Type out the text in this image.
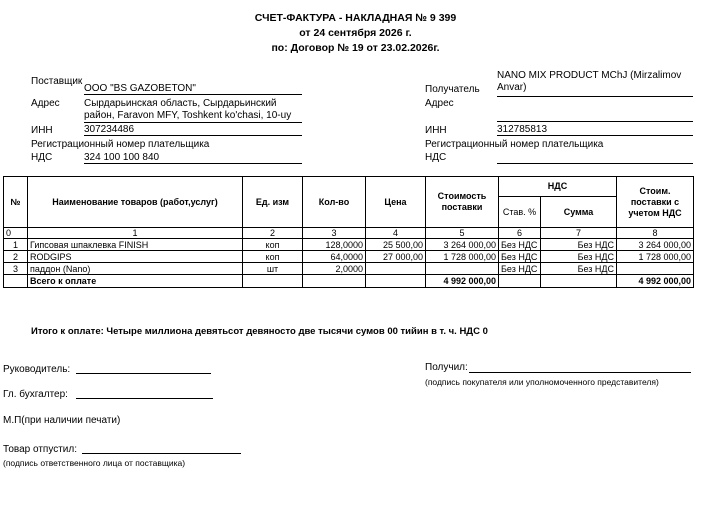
СЧЕТ-ФАКТУРА - НАКЛАДНАЯ № 9 399
от 24 сентября 2026 г.
по: Договор № 19 от 23.02.2026г.
Поставщик
ООО "BS GAZOBETON"
Адрес Сырдарьинская область, Сырдарьинский район, Faravon MFY, Toshkent ko'chasi, 10-uy
ИНН	307234486
Регистрационный номер плательщика
НДС	324 100 100 840
NANO MIX PRODUCT MChJ (Mirzalimov Anvar)
Получатель
Адрес
ИНН	312785813
Регистрационный номер плательщика
НДС
№	Наименование товаров (работ,услуг)	Ед. изм	Кол-во	Цена	Стоимость поставки	НДС		Стоим. поставки с учетом НДС
						Став. %	Сумма	
0	1	2	3	4	5	6	7	8
1	Гипсовая шпаклевка FINISH	коп	128,0000	25 500,00	3 264 000,00	Без НДС	Без НДС	3 264 000,00
2	RODGIPS	коп	64,0000	27 000,00	1 728 000,00	Без НДС	Без НДС	1 728 000,00
3	паддон (Nano)	шт	2,0000			Без НДС	Без НДС	
	Всего к оплате				4 992 000,00			4 992 000,00
Итого к оплате: Четыре миллиона девятьсот девяносто две тысячи сумов 00 тийин в т. ч. НДС 0
Руководитель:
Гл. бухгалтер:
М.П(при наличии печати)
Товар отпустил:
(подпись ответственного лица от поставщика)
Получил:
(подпись покупателя или уполномоченного представителя)
